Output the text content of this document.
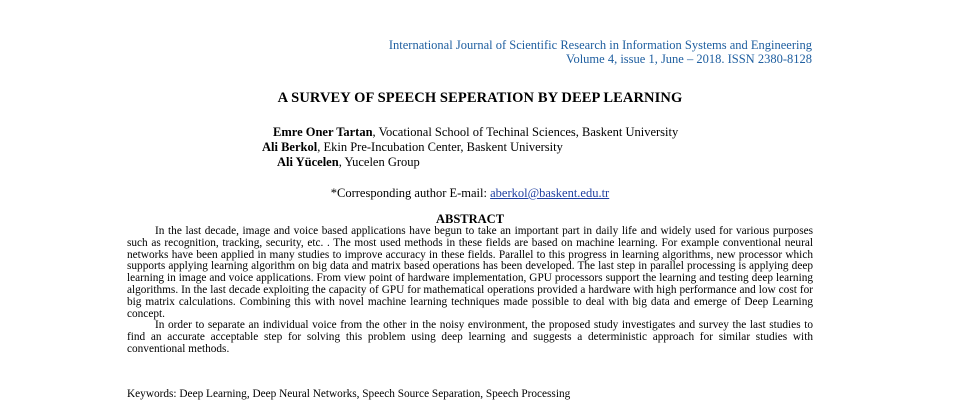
International Journal of Scientific Research in Information Systems and Engineering
Volume 4, issue 1, June – 2018. ISSN 2380-8128
A SURVEY OF SPEECH SEPERATION BY DEEP LEARNING
Emre Oner Tartan, Vocational School of Techinal Sciences, Baskent University
Ali Berkol, Ekin Pre-Incubation Center, Baskent University
Ali Yücelen, Yucelen Group
*Corresponding author E-mail: aberkol@baskent.edu.tr
ABSTRACT

In the last decade, image and voice based applications have begun to take an important part in daily life and widely used for various purposes such as recognition, tracking, security, etc. . The most used methods in these fields are based on machine learning. For example conventional neural networks have been applied in many studies to improve accuracy in these fields. Parallel to this progress in learning algorithms, new processor which supports applying learning algorithm on big data and matrix based operations has been developed. The last step in parallel processing is applying deep learning in image and voice applications. From view point of hardware implementation, GPU processors support the learning and testing deep learning algorithms. In the last decade exploiting the capacity of GPU for mathematical operations provided a hardware with high performance and low cost for big matrix calculations. Combining this with novel machine learning techniques made possible to deal with big data and emerge of Deep Learning concept.

In order to separate an individual voice from the other in the noisy environment, the proposed study investigates and survey the last studies to find an accurate acceptable step for solving this problem using deep learning and suggests a deterministic approach for similar studies with conventional methods.

Keywords: Deep Learning, Deep Neural Networks, Speech Source Separation, Speech Processing
